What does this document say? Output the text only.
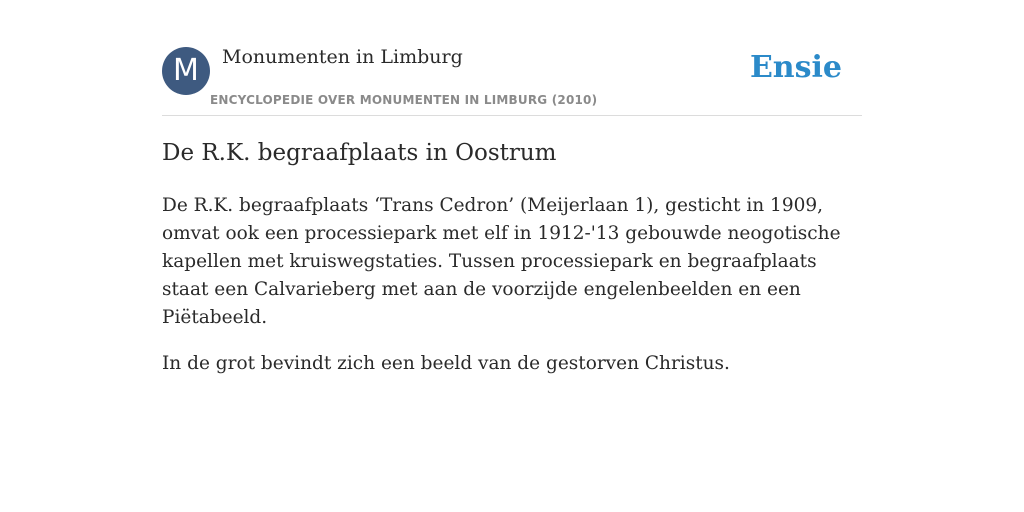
M	Monumenten in Limburg
ENCYCLOPEDIE OVER MONUMENTEN IN LIMBURG (2010)
Ensie
De R.K. begraafplaats in Oostrum

De R.K. begraafplaats ‘Trans Cedron’ (Meijerlaan 1), gesticht in 1909, omvat ook een processiepark met elf in 1912-'13 gebouwde neogotische kapellen met kruiswegstaties. Tussen processiepark en begraafplaats staat een Calvarieberg met aan de voorzijde engelenbeelden en een Piëtabeeld.

In de grot bevindt zich een beeld van de gestorven Christus.
